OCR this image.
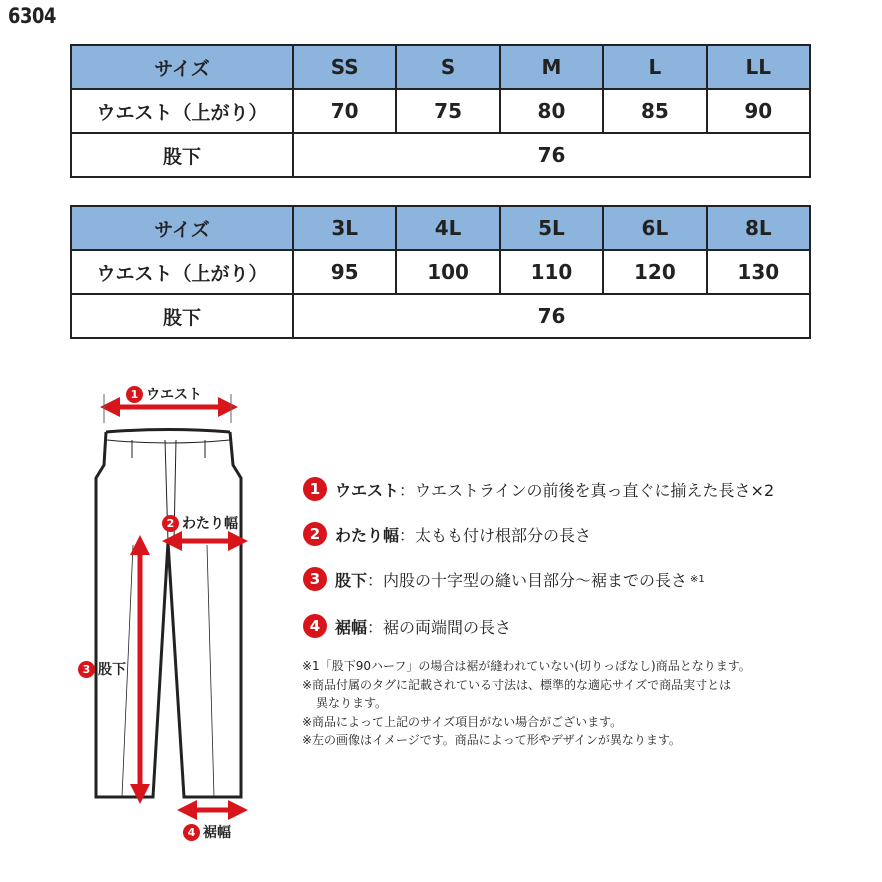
6304
サイズ	SS	S	M	L	LL
ウエスト（上がり）	70	75	80	85	90
股下	76				
サイズ	3L	4L	5L	6L	8L
ウエスト（上がり）	95	100	110	120	130
股下	76				
1 ウエスト
2 わたり幅
3 股下
4 裾幅
1 ウエスト ：ウエストラインの前後を真っ直ぐに揃えた長さ×2
2 わたり幅 ：太もも付け根部分の長さ
3 股下 ：内股の十字型の縫い目部分～裾までの長さ ※1
4 裾幅 ：裾の両端間の長さ
※1「股下90ハーフ」の場合は裾が縫われていない(切りっぱなし)商品となります。
※商品付属のタグに記載されている寸法は、標準的な適応サイズで商品実寸とは
異なります。
※商品によって上記のサイズ項目がない場合がございます。
※左の画像はイメージです。商品によって形やデザインが異なります。
